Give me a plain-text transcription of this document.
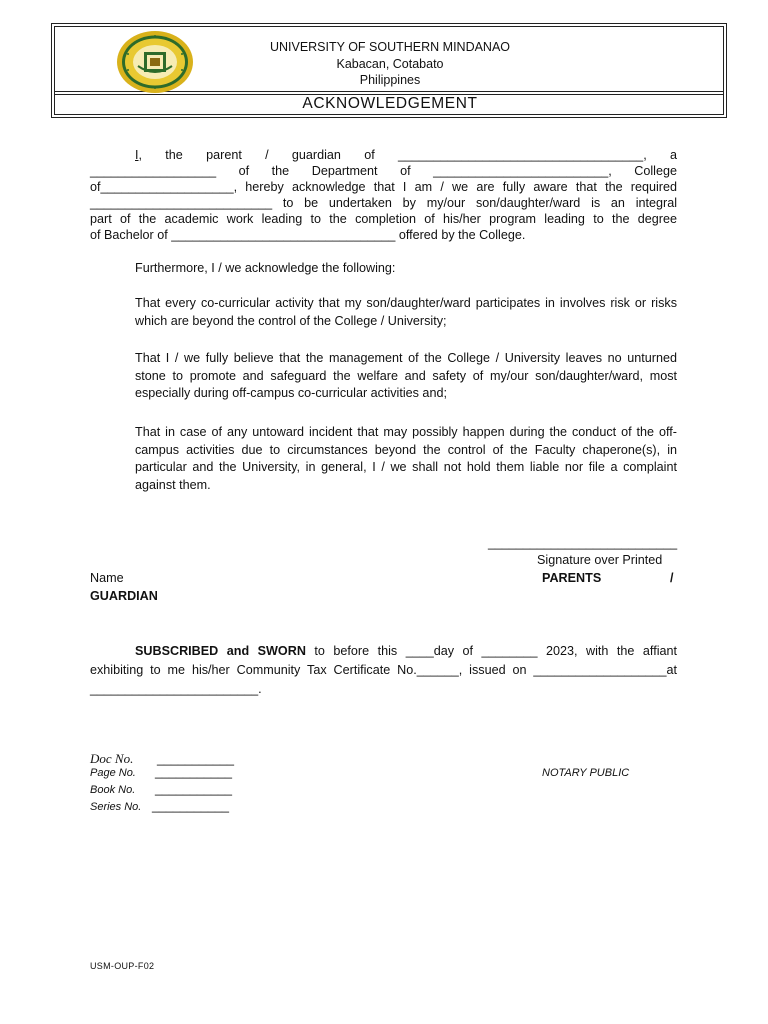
UNIVERSITY OF SOUTHERN MINDANAO
Kabacan, Cotabato
Philippines
ACKNOWLEDGEMENT
I, the parent / guardian of ___________________________________, a
__________________ of the Department of _________________________, College
of___________________, hereby acknowledge that I am / we are fully aware that the required
__________________________ to be undertaken by my/our son/daughter/ward is an integral
part of the academic work leading to the completion of his/her program leading to the degree
of Bachelor of ________________________________ offered by the College.
Furthermore, I / we acknowledge the following:
That every co-curricular activity that my son/daughter/ward participates in involves risk or risks which are beyond the control of the College / University;
That I / we fully believe that the management of the College / University leaves no unturned stone to promote and safeguard the welfare and safety of my/our son/daughter/ward, most especially during off-campus co-curricular activities and;
That in case of any untoward incident that may possibly happen during the conduct of the off-campus activities due to circumstances beyond the control of the Faculty chaperone(s), in particular and the University, in general, I / we shall not hold them liable nor file a complaint against them.
___________________________
Signature over Printed
Name	PARENTS	/
GUARDIAN
SUBSCRIBED and SWORN to before this ____day of ________ 2023, with the affiant
exhibiting to me his/her Community Tax Certificate No.______, issued on ___________________at
________________________.
Doc No. ___________
Page No. ___________
Book No. ___________
Series No. ___________
NOTARY PUBLIC
USM-OUP-F02
